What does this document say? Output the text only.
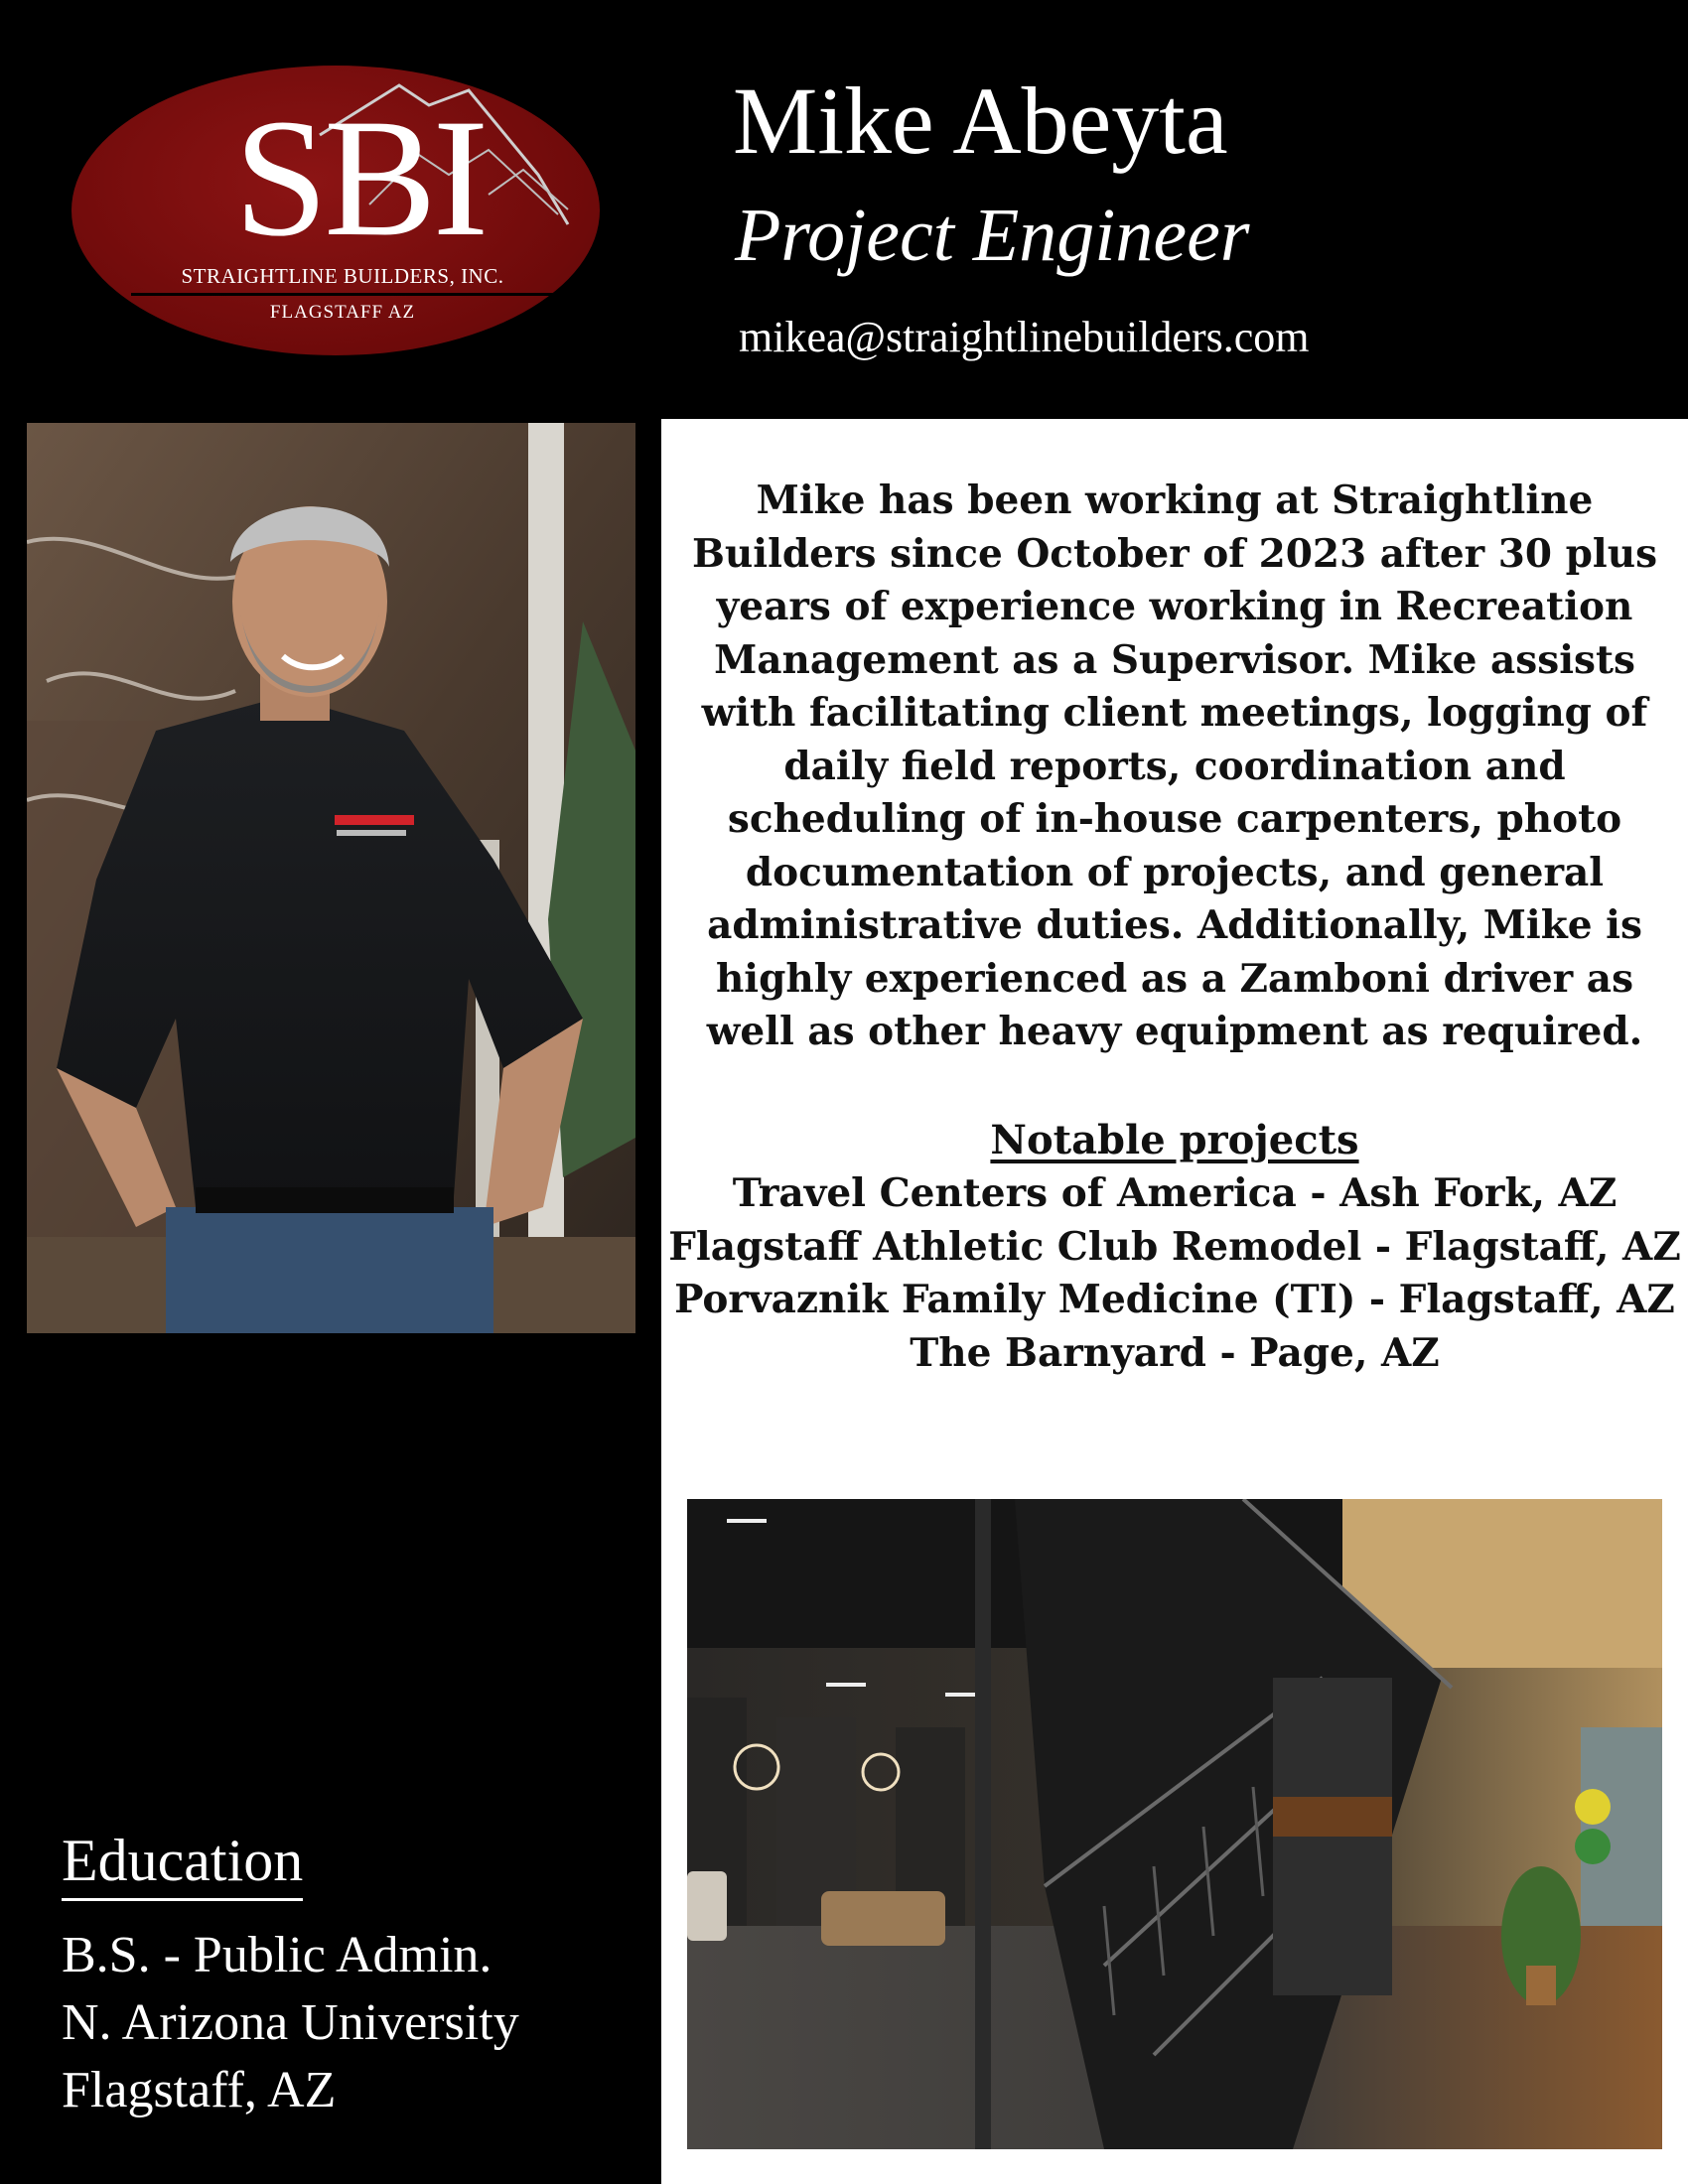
SBI
STRAIGHTLINE BUILDERS, INC.
FLAGSTAFF AZ
Mike Abeyta
Project Engineer
mikea@straightlinebuilders.com

Mike has been working at Straightline Builders since October of 2023 after 30 plus years of experience working in Recreation Management as a Supervisor. Mike assists with facilitating client meetings, logging of daily field reports, coordination and scheduling of in-house carpenters, photo documentation of projects, and general administrative duties. Additionally, Mike is highly experienced as a Zamboni driver as well as other heavy equipment as required.

Notable projects

Travel Centers of America - Ash Fork, AZ
Flagstaff Athletic Club Remodel - Flagstaff, AZ
Porvaznik Family Medicine (TI) - Flagstaff, AZ
The Barnyard - Page, AZ
Education
B.S. - Public Admin.
N. Arizona University
Flagstaff, AZ
